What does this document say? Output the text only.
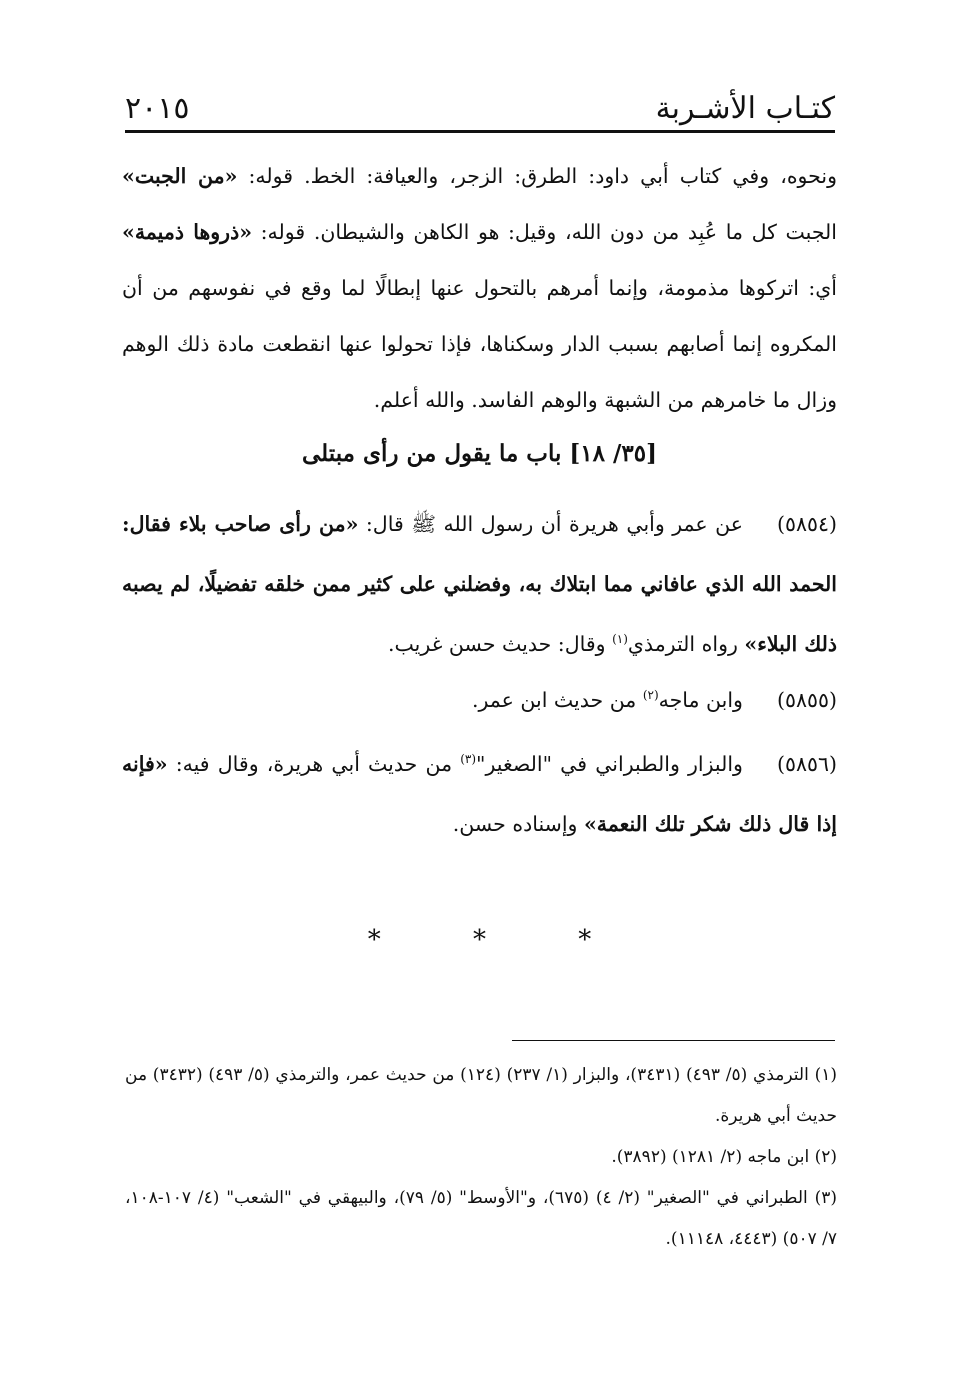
كتـاب الأشـربة
٢٠١٥

ونحوه، وفي كتاب أبي داود: الطرق: الزجر، والعيافة: الخط. قوله: «من الجبت» الجبت كل ما عُبِد من دون الله، وقيل: هو الكاهن والشيطان. قوله: «ذروها ذميمة» أي: اتركوها مذمومة، وإنما أمرهم بالتحول عنها إبطالًا لما وقع في نفوسهم من أن المكروه إنما أصابهم بسبب الدار وسكناها، فإذا تحولوا عنها انقطعت مادة ذلك الوهم وزال ما خامرهم من الشبهة والوهم الفاسد. والله أعلم.

[٣٥/ ١٨] باب ما يقول من رأى مبتلى
(٥٨٥٤)عن عمر وأبي هريرة أن رسول الله ﷺ قال: «من رأى صاحب بلاء فقال: الحمد الله الذي عافاني مما ابتلاك به، وفضلني على كثير ممن خلقه تفضيلًا، لم يصبه ذلك البلاء» رواه الترمذي$^{(١)}$ وقال: حديث حسن غريب.
(٥٨٥٥)وابن ماجه$^{(٢)}$ من حديث ابن عمر.
(٥٨٥٦)والبزار والطبراني في "الصغير"$^{(٣)}$ من حديث أبي هريرة، وقال فيه: «فإنه إذا قال ذلك شكر تلك النعمة» وإسناده حسن.
* * *

(١) الترمذي (٥/ ٤٩٣) (٣٤٣١)، والبزار (١/ ٢٣٧) (١٢٤) من حديث عمر، والترمذي (٥/ ٤٩٣) (٣٤٣٢) من حديث أبي هريرة.

(٢) ابن ماجه (٢/ ١٢٨١) (٣٨٩٢).

(٣) الطبراني في "الصغير" (٢/ ٤) (٦٧٥)، و"الأوسط" (٥/ ٧٩)، والبيهقي في "الشعب" (٤/ ١٠٧-١٠٨، ٧/ ٥٠٧) (٤٤٤٣، ١١١٤٨).
